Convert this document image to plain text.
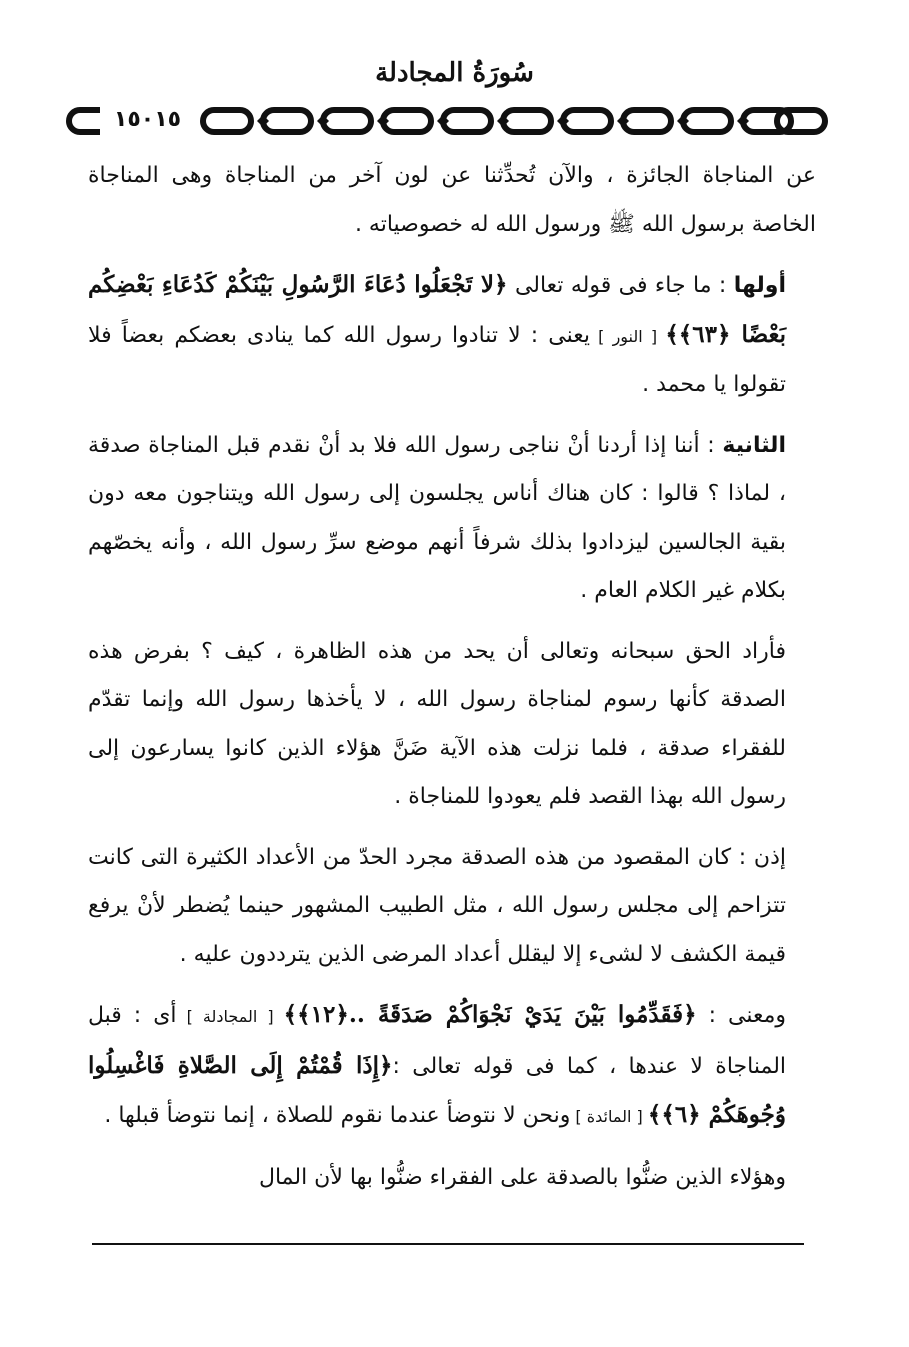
سُورَةُ المجادلة
١٥٠١٥

عن المناجاة الجائزة ، والآن تُحدِّثنا عن لون آخر من المناجاة وهى المناجاة الخاصة برسول الله ﷺ ورسول الله له خصوصياته .

أولها : ما جاء فى قوله تعالى ﴿لا تَجْعَلُوا دُعَاءَ الرَّسُولِ بَيْنَكُمْ كَدُعَاءِ بَعْضِكُم بَعْضًا ﴿٦٣﴾﴾ [ النور ] يعنى : لا تنادوا رسول الله كما ينادى بعضكم بعضاً فلا تقولوا يا محمد .

الثانية : أننا إذا أردنا أنْ نناجى رسول الله فلا بد أنْ نقدم قبل المناجاة صدقة ، لماذا ؟ قالوا : كان هناك أناس يجلسون إلى رسول الله ويتناجون معه دون بقية الجالسين ليزدادوا بذلك شرفاً أنهم موضع سرِّ رسول الله ، وأنه يخصّهم بكلام غير الكلام العام .

فأراد الحق سبحانه وتعالى أن يحد من هذه الظاهرة ، كيف ؟ بفرض هذه الصدقة كأنها رسوم لمناجاة رسول الله ، لا يأخذها رسول الله وإنما تقدّم للفقراء صدقة ، فلما نزلت هذه الآية ضَنَّ هؤلاء الذين كانوا يسارعون إلى رسول الله بهذا القصد فلم يعودوا للمناجاة .

إذن : كان المقصود من هذه الصدقة مجرد الحدّ من الأعداد الكثيرة التى كانت تتزاحم إلى مجلس رسول الله ، مثل الطبيب المشهور حينما يُضطر لأنْ يرفع قيمة الكشف لا لشىء إلا ليقلل أعداد المرضى الذين يترددون عليه .

ومعنى : ﴿فَقَدِّمُوا بَيْنَ يَدَيْ نَجْوَاكُمْ صَدَقَةً ..﴿١٢﴾﴾ [ المجادلة ] أى : قبل المناجاة لا عندها ، كما فى قوله تعالى :﴿إِذَا قُمْتُمْ إِلَى الصَّلاةِ فَاغْسِلُوا وُجُوهَكُمْ ﴿٦﴾﴾ [ المائدة ] ونحن لا نتوضأ عندما نقوم للصلاة ، إنما نتوضأ قبلها .

وهؤلاء الذين ضنُّوا بالصدقة على الفقراء ضنُّوا بها لأن المال
